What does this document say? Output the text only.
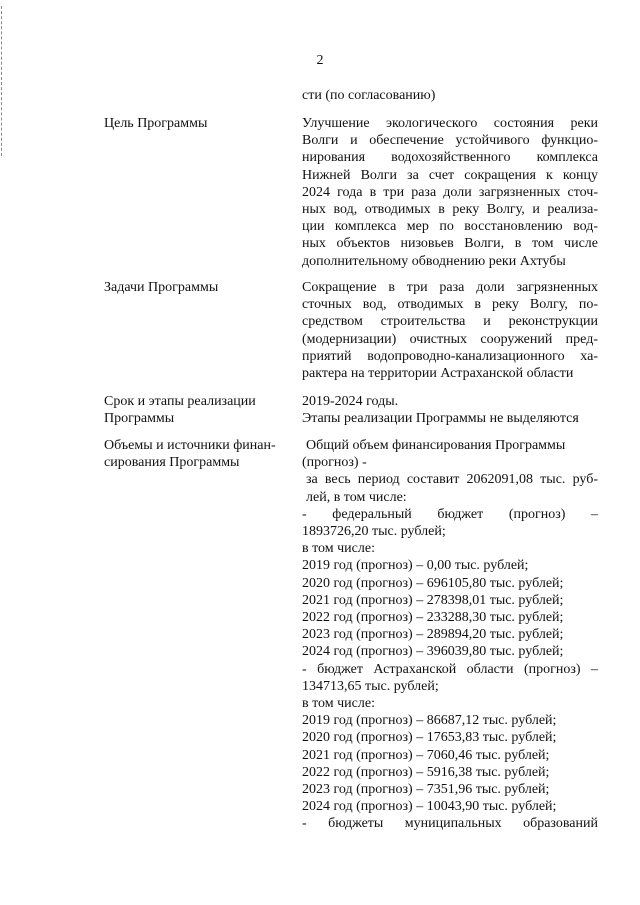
2
сти (по согласованию)
Цель Программы	Улучшение экологического состояния реки
Волги и обеспечение устойчивого функцио-
нирования водохозяйственного комплекса
Нижней Волги за счет сокращения к концу
2024 года в три раза доли загрязненных сточ-
ных вод, отводимых в реку Волгу, и реализа-
ции комплекса мер по восстановлению вод-
ных объектов низовьев Волги, в том числе
дополнительному обводнению реки Ахтубы
Задачи Программы	Сокращение в три раза доли загрязненных
сточных вод, отводимых в реку Волгу, по-
средством строительства и реконструкции
(модернизации) очистных сооружений пред-
приятий водопроводно-канализационного ха-
рактера на территории Астраханской области
Срок и этапы реализации Программы
2019-2024 годы.
Этапы реализации Программы не выделяются
Объемы и источники финан- сирования Программы
Общий объем финансирования Программы
(прогноз) -
за весь период составит 2062091,08 тыс. руб-
лей, в том числе:
- федеральный бюджет (прогноз) –
1893726,20 тыс. рублей;
в том числе:
2019 год (прогноз) – 0,00 тыс. рублей;
2020 год (прогноз) – 696105,80 тыс. рублей;
2021 год (прогноз) – 278398,01 тыс. рублей;
2022 год (прогноз) – 233288,30 тыс. рублей;
2023 год (прогноз) – 289894,20 тыс. рублей;
2024 год (прогноз) – 396039,80 тыс. рублей;
- бюджет Астраханской области (прогноз) –
134713,65 тыс. рублей;
в том числе:
2019 год (прогноз) – 86687,12 тыс. рублей;
2020 год (прогноз) – 17653,83 тыс. рублей;
2021 год (прогноз) – 7060,46 тыс. рублей;
2022 год (прогноз) – 5916,38 тыс. рублей;
2023 год (прогноз) – 7351,96 тыс. рублей;
2024 год (прогноз) – 10043,90 тыс. рублей;
- бюджеты муниципальных образований
